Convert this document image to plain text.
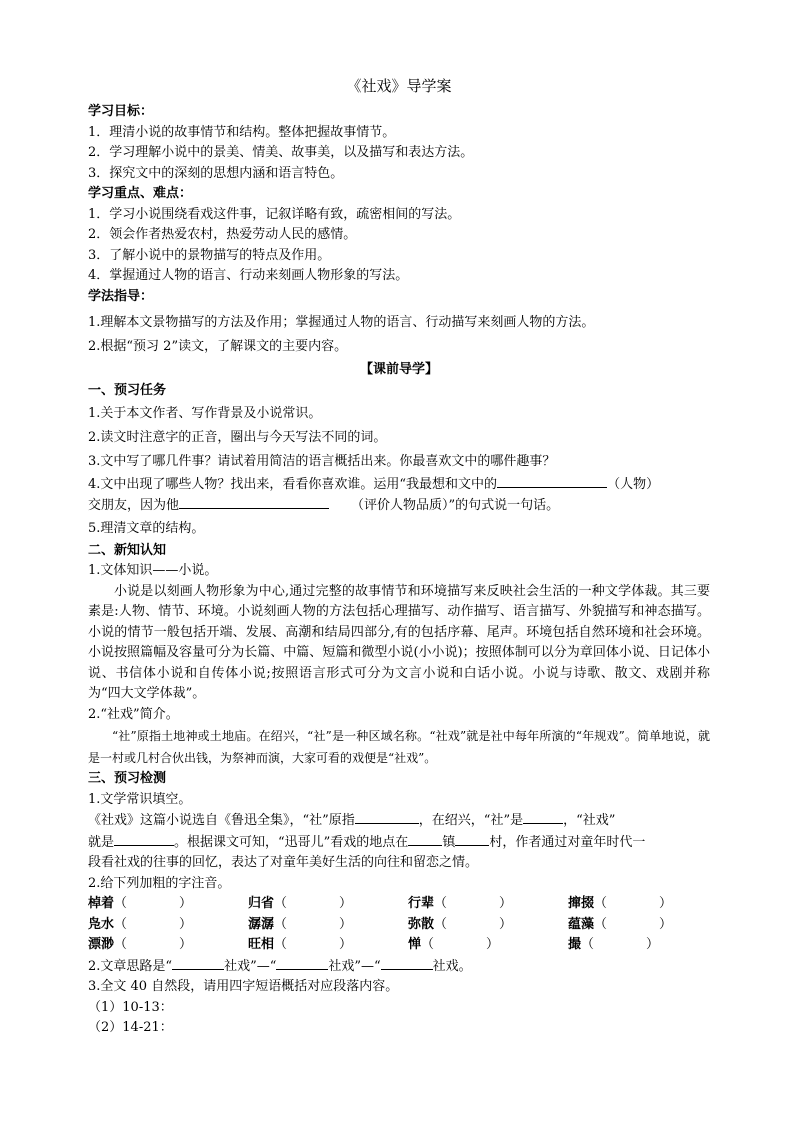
《社戏》导学案
学习目标：
1．理清小说的故事情节和结构。整体把握故事情节。
2．学习理解小说中的景美、情美、故事美，以及描写和表达方法。
3．探究文中的深刻的思想内涵和语言特色。
学习重点、难点：
1．学习小说围绕看戏这件事，记叙详略有致，疏密相间的写法。
2．领会作者热爱农村，热爱劳动人民的感情。
3．了解小说中的景物描写的特点及作用。
4．掌握通过人物的语言、行动来刻画人物形象的写法。
学法指导：
1.理解本文景物描写的方法及作用；掌握通过人物的语言、行动描写来刻画人物的方法。
2.根据“预习 2”读文，了解课文的主要内容。
【课前导学】
一、预习任务
1.关于本文作者、写作背景及小说常识。
2.读文时注意字的正音，圈出与今天写法不同的词。
3.文中写了哪几件事？请试着用简洁的语言概括出来。你最喜欢文中的哪件趣事？
4.文中出现了哪些人物？找出来，看看你喜欢谁。运用“我最想和文中的	（人物）
交朋友，因为他	（评价人物品质）”的句式说一句话。
5.理清文章的结构。
二、新知认知
1.文体知识——小说。
小说是以刻画人物形象为中心,通过完整的故事情节和环境描写来反映社会生活的一种文学体裁。其三要素是:人物、情节、环境。小说刻画人物的方法包括心理描写、动作描写、语言描写、外貌描写和神态描写。小说的情节一般包括开端、发展、高潮和结局四部分,有的包括序幕、尾声。环境包括自然环境和社会环境。小说按照篇幅及容量可分为长篇、中篇、短篇和微型小说(小小说)；按照体制可以分为章回体小说、日记体小说、书信体小说和自传体小说;按照语言形式可分为文言小说和白话小说。小说与诗歌、散文、戏剧并称为“四大文学体裁”。
2.“社戏”简介。
“社”原指土地神或土地庙。在绍兴，“社”是一种区域名称。“社戏”就是社中每年所演的“年规戏”。简单地说，就是一村或几村合伙出钱，为祭神而演，大家可看的戏便是“社戏”。
三、预习检测
1.文学常识填空。
《社戏》这篇小说选自《鲁迅全集》，“社”原指	，在绍兴，“社”是	，“社戏”
就是	。根据课文可知，“迅哥儿”看戏的地点在	镇	村，作者通过对童年时代一
段看社戏的往事的回忆，表达了对童年美好生活的向往和留恋之情。
2.给下列加粗的字注音。
棹着（　　　　）	归省（　　　　）	行辈（　　　　）	撺掇（　　　　）
凫水（　　　　）	潺潺（　　　　）	弥散（　　　　）	蕴藻（　　　　）
漂渺（　　　　）	旺相（　　　　）	惮（　　　　）	撮（　　　　）
2.文章思路是“	社戏”—“	社戏”—“	社戏。
3.全文 40 自然段，请用四字短语概括对应段落内容。
（1）10-13：
（2）14-21：
